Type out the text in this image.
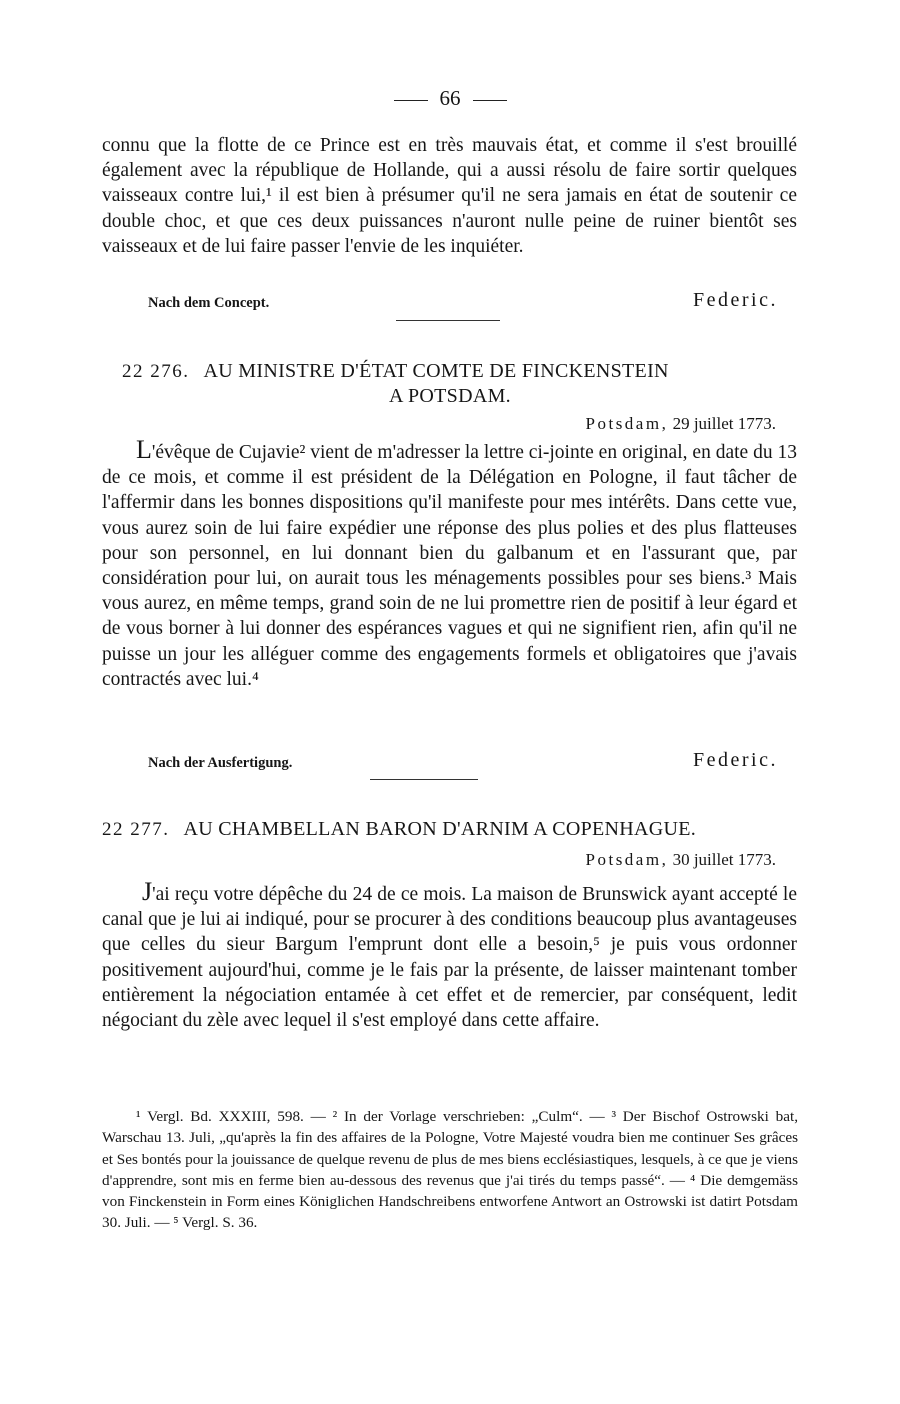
66

connu que la flotte de ce Prince est en très mauvais état, et comme il s'est brouillé également avec la république de Hollande, qui a aussi résolu de faire sortir quelques vaisseaux contre lui,¹ il est bien à présumer qu'il ne sera jamais en état de soutenir ce double choc, et que ces deux puissances n'auront nulle peine de ruiner bientôt ses vaisseaux et de lui faire passer l'envie de les inquiéter.

Nach dem Concept.	Federic.
22 276. AU MINISTRE D'ÉTAT COMTE DE FINCKENSTEIN
A POTSDAM.
Potsdam, 29 juillet 1773.

L'évêque de Cujavie² vient de m'adresser la lettre ci-jointe en original, en date du 13 de ce mois, et comme il est président de la Délégation en Pologne, il faut tâcher de l'affermir dans les bonnes dispositions qu'il manifeste pour mes intérêts. Dans cette vue, vous aurez soin de lui faire expédier une réponse des plus polies et des plus flatteuses pour son personnel, en lui donnant bien du galbanum et en l'assurant que, par considération pour lui, on aurait tous les ménagements possibles pour ses biens.³ Mais vous aurez, en même temps, grand soin de ne lui promettre rien de positif à leur égard et de vous borner à lui donner des espérances vagues et qui ne signifient rien, afin qu'il ne puisse un jour les alléguer comme des engagements formels et obligatoires que j'avais contractés avec lui.⁴

Nach der Ausfertigung.	Federic.
22 277. AU CHAMBELLAN BARON D'ARNIM A COPENHAGUE.
Potsdam, 30 juillet 1773.

J'ai reçu votre dépêche du 24 de ce mois. La maison de Brunswick ayant accepté le canal que je lui ai indiqué, pour se procurer à des conditions beaucoup plus avantageuses que celles du sieur Bargum l'emprunt dont elle a besoin,⁵ je puis vous ordonner positivement aujourd'hui, comme je le fais par la présente, de laisser maintenant tomber entièrement la négociation entamée à cet effet et de remercier, par conséquent, ledit négociant du zèle avec lequel il s'est employé dans cette affaire.

¹ Vergl. Bd. XXXIII, 598. — ² In der Vorlage verschrieben: „Culm“. — ³ Der Bischof Ostrowski bat, Warschau 13. Juli, „qu'après la fin des affaires de la Pologne, Votre Majesté voudra bien me continuer Ses grâces et Ses bontés pour la jouissance de quelque revenu de plus de mes biens ecclésiastiques, lesquels, à ce que je viens d'apprendre, sont mis en ferme bien au-dessous des revenus que j'ai tirés du temps passé“. — ⁴ Die demgemäss von Finckenstein in Form eines Königlichen Handschreibens entworfene Antwort an Ostrowski ist datirt Potsdam 30. Juli. — ⁵ Vergl. S. 36.
